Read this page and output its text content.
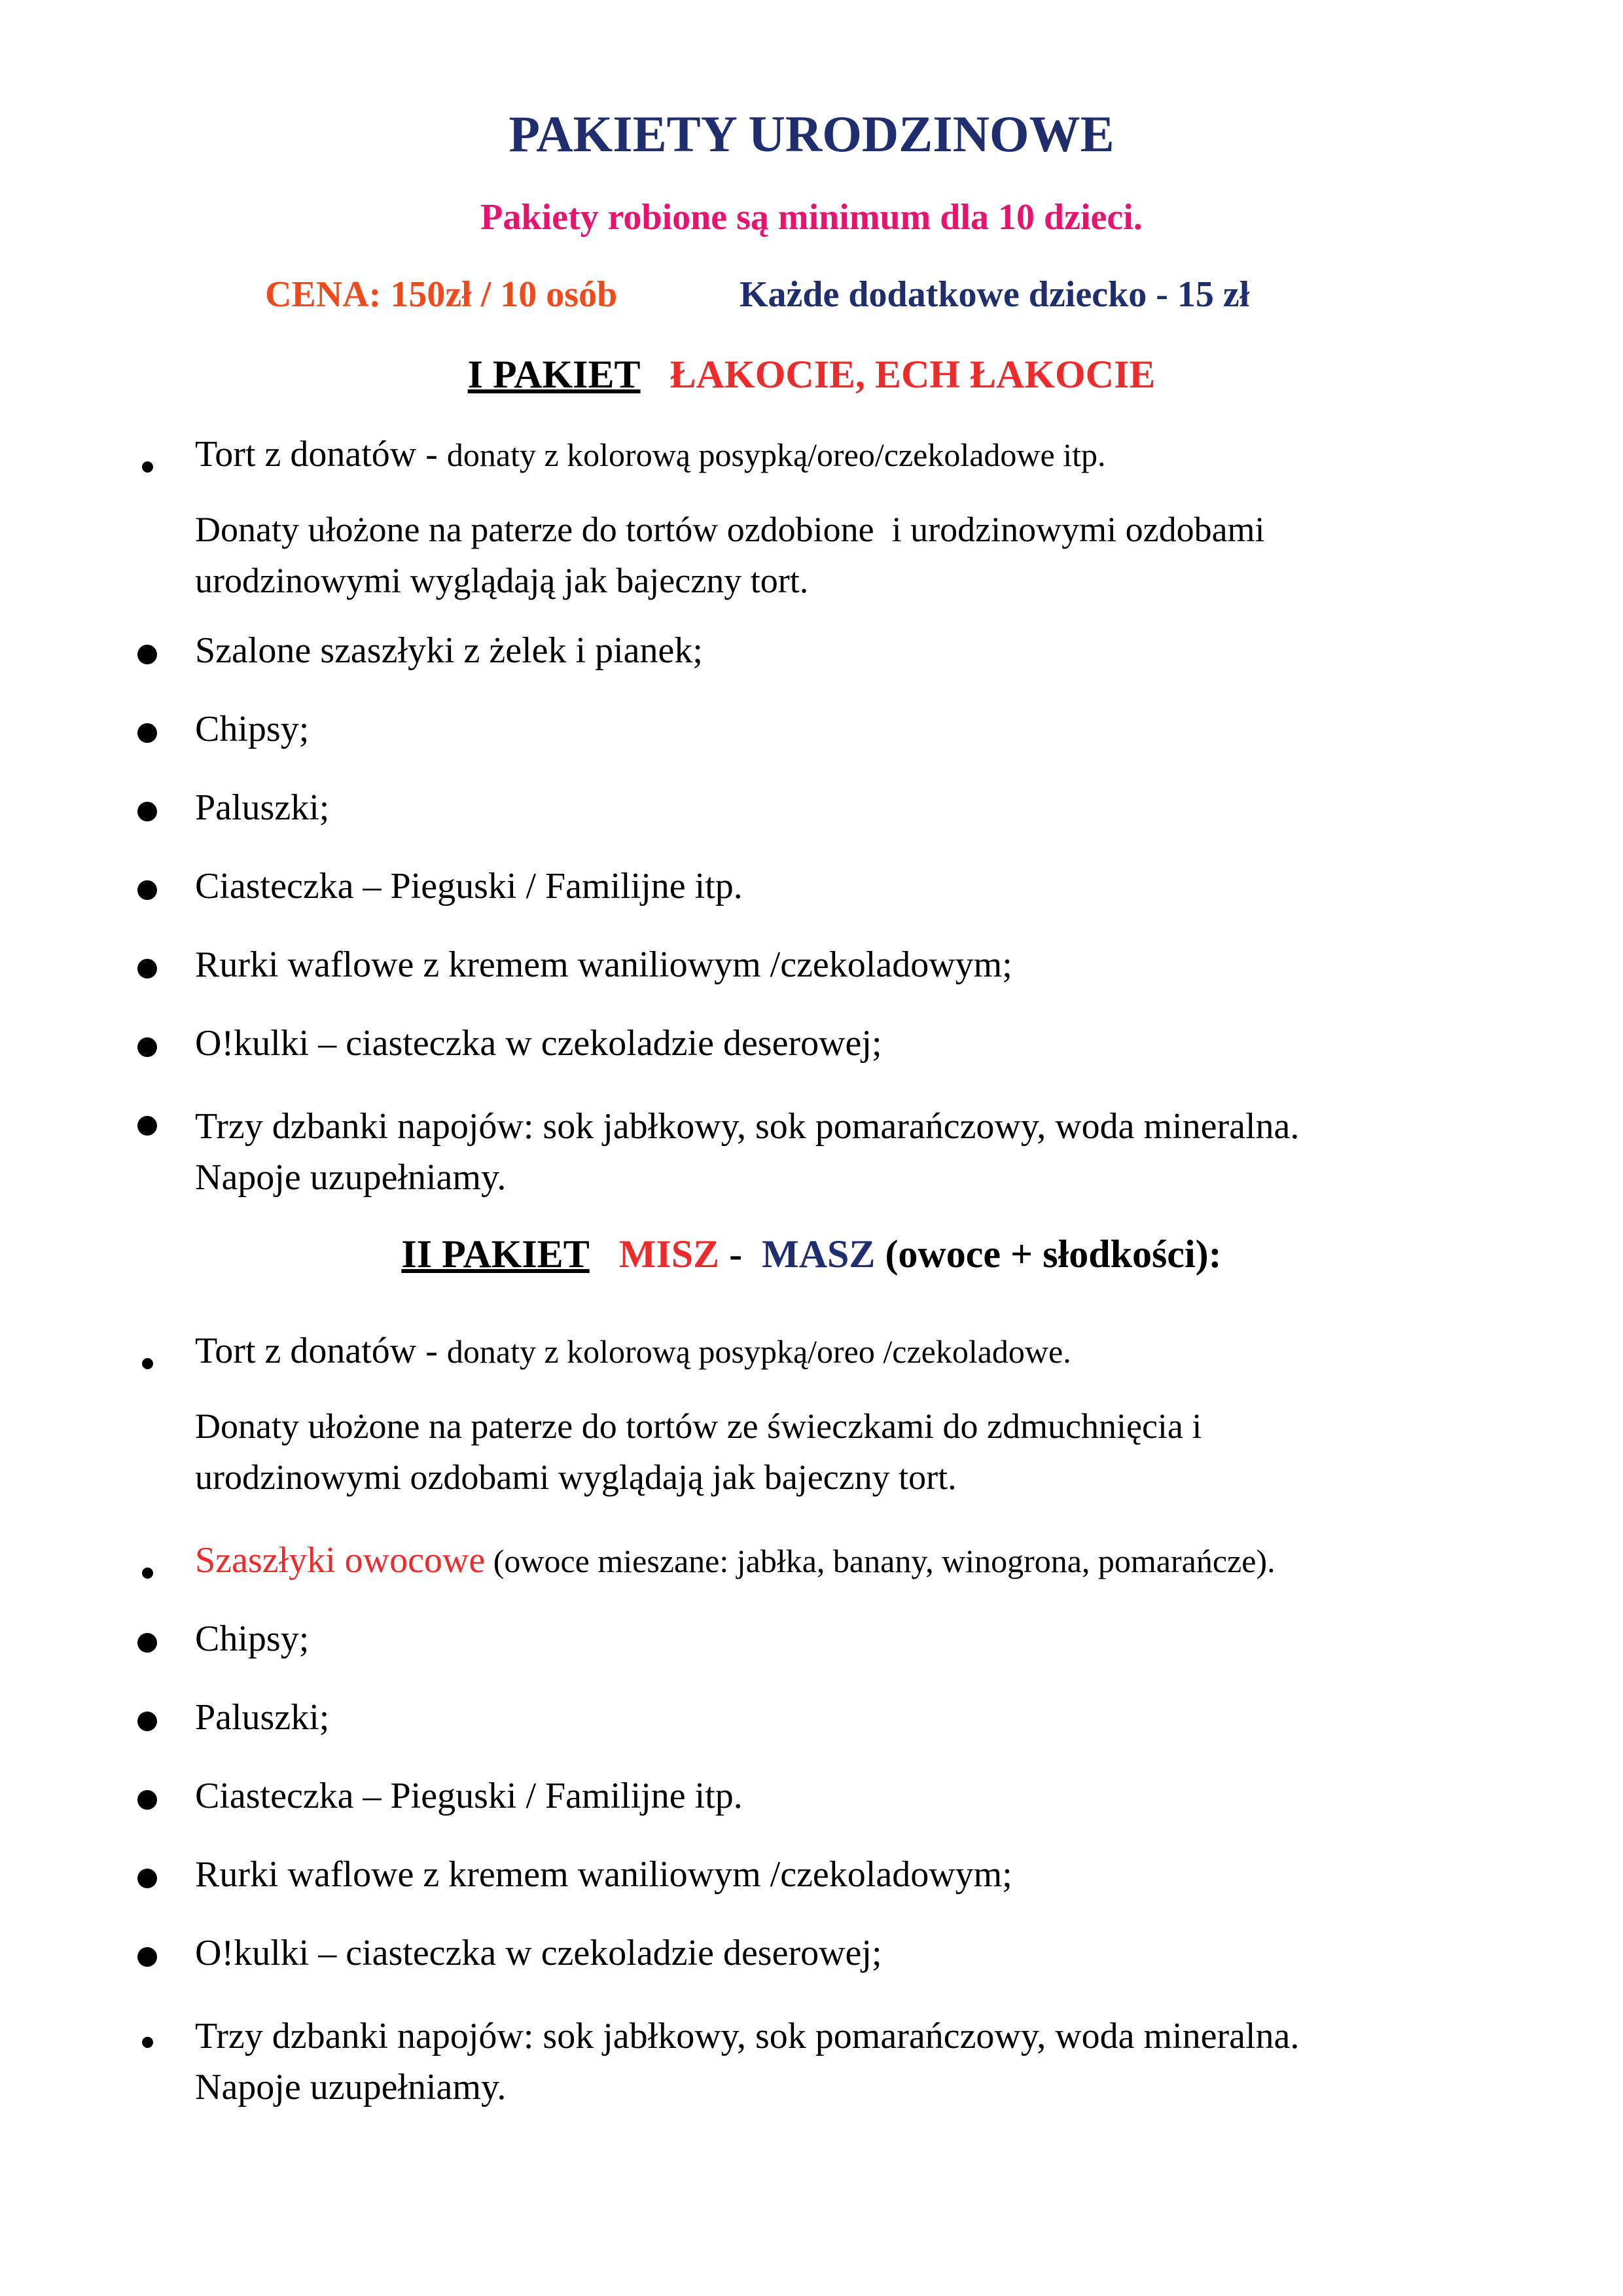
PAKIETY URODZINOWE

Pakiety robione są minimum dla 10 dzieci.

CENA: 150zł / 10 osób	Każde dodatkowe dziecko - 15 zł

I PAKIET ŁAKOCIE, ECH ŁAKOCIE

Tort z donatów - donaty z kolorową posypką/oreo/czekoladowe itp.

Donaty ułożone na paterze do tortów ozdobione  i urodzinowymi ozdobami
urodzinowymi wyglądają jak bajeczny tort.

Szalone szaszłyki z żelek i pianek;

Chipsy;

Paluszki;

Ciasteczka – Pieguski / Familijne itp.

Rurki waflowe z kremem waniliowym /czekoladowym;

O!kulki – ciasteczka w czekoladzie deserowej;

Trzy dzbanki napojów: sok jabłkowy, sok pomarańczowy, woda mineralna.
Napoje uzupełniamy.

II PAKIET MISZ -  MASZ (owoce + słodkości):

Tort z donatów - donaty z kolorową posypką/oreo /czekoladowe.

Donaty ułożone na paterze do tortów ze świeczkami do zdmuchnięcia i
urodzinowymi ozdobami wyglądają jak bajeczny tort.

Szaszłyki owocowe (owoce mieszane: jabłka, banany, winogrona, pomarańcze).

Chipsy;

Paluszki;

Ciasteczka – Pieguski / Familijne itp.

Rurki waflowe z kremem waniliowym /czekoladowym;

O!kulki – ciasteczka w czekoladzie deserowej;

Trzy dzbanki napojów: sok jabłkowy, sok pomarańczowy, woda mineralna.
Napoje uzupełniamy.
